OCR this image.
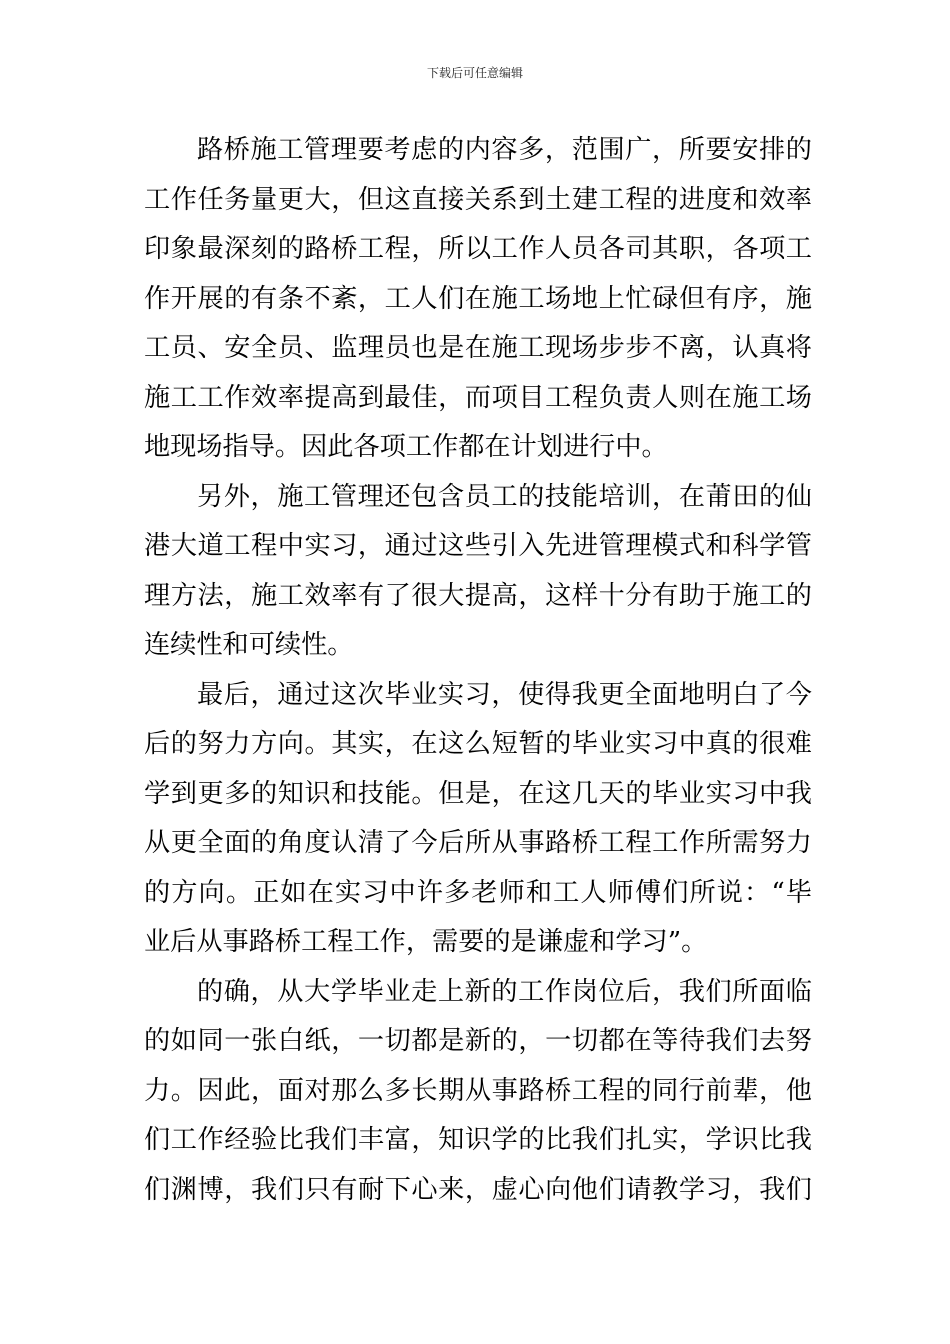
下载后可任意编辑
路桥施工管理要考虑的内容多，范围广，所要安排的
工作任务量更大，但这直接关系到土建工程的进度和效率
印象最深刻的路桥工程，所以工作人员各司其职，各项工
作开展的有条不紊，工人们在施工场地上忙碌但有序，施
工员、安全员、监理员也是在施工现场步步不离，认真将
施工工作效率提高到最佳，而项目工程负责人则在施工场
地现场指导。因此各项工作都在计划进行中。
另外，施工管理还包含员工的技能培训，在莆田的仙
港大道工程中实习，通过这些引入先进管理模式和科学管
理方法，施工效率有了很大提高，这样十分有助于施工的
连续性和可续性。
最后，通过这次毕业实习，使得我更全面地明白了今
后的努力方向。其实，在这么短暂的毕业实习中真的很难
学到更多的知识和技能。但是，在这几天的毕业实习中我
从更全面的角度认清了今后所从事路桥工程工作所需努力
的方向。正如在实习中许多老师和工人师傅们所说：“毕
业后从事路桥工程工作，需要的是谦虚和学习”。
的确，从大学毕业走上新的工作岗位后，我们所面临
的如同一张白纸，一切都是新的，一切都在等待我们去努
力。因此，面对那么多长期从事路桥工程的同行前辈，他
们工作经验比我们丰富，知识学的比我们扎实，学识比我
们渊博，我们只有耐下心来，虚心向他们请教学习，我们
